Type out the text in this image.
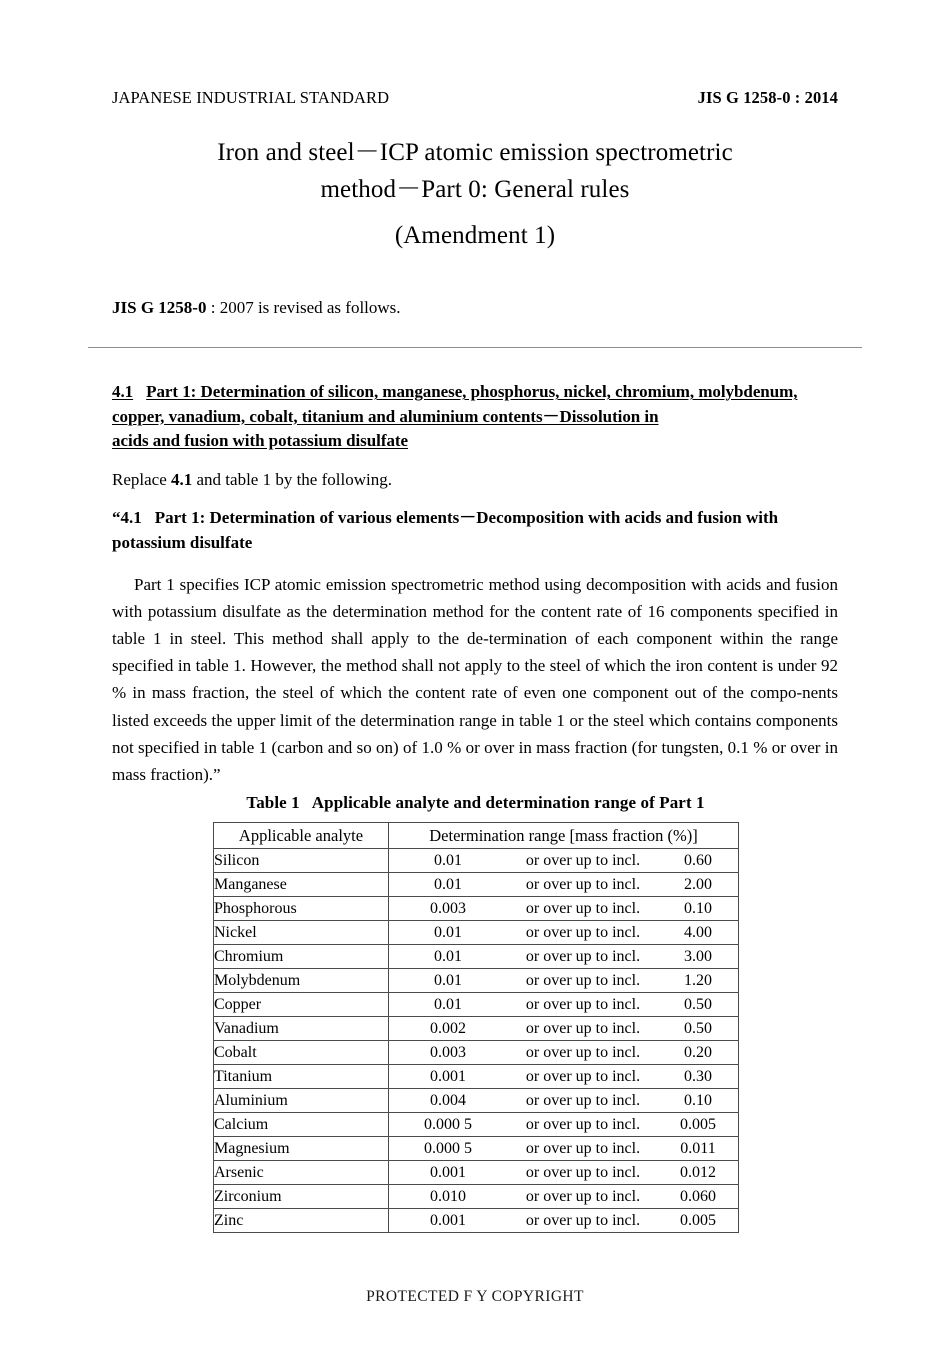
JAPANESE INDUSTRIAL STANDARD	JIS G 1258-0 : 2014
Iron and steel－ICP atomic emission spectrometric
method－Part 0: General rules
(Amendment 1)
JIS G 1258-0 : 2007 is revised as follows.
4.1 Part 1: Determination of silicon, manganese, phosphorus, nickel, chromium, molybdenum, copper, vanadium, cobalt, titanium and aluminium contents－Dissolution in
acids and fusion with potassium disulfate

Replace 4.1 and table 1 by the following.

“4.1 Part 1: Determination of various elements－Decomposition with acids and fusion with potassium disulfate

Part 1 specifies ICP atomic emission spectrometric method using decomposition with acids and fusion with potassium disulfate as the determination method for the content rate of 16 components specified in table 1 in steel. This method shall apply to the de-termination of each component within the range specified in table 1. However, the method shall not apply to the steel of which the iron content is under 92 % in mass fraction, the steel of which the content rate of even one component out of the compo-nents listed exceeds the upper limit of the determination range in table 1 or the steel which contains components not specified in table 1 (carbon and so on) of 1.0 % or over in mass fraction (for tungsten, 0.1 % or over in mass fraction).”

Table 1 Applicable analyte and determination range of Part 1
Applicable analyte	Determination range [mass fraction (%)]
Silicon	0.01 or over up to incl. 0.60

Manganese	0.01 or over up to incl. 2.00

Phosphorous	0.003 or over up to incl. 0.10

Nickel	0.01 or over up to incl. 4.00

Chromium	0.01 or over up to incl. 3.00

Molybdenum	0.01 or over up to incl. 1.20

Copper	0.01 or over up to incl. 0.50

Vanadium	0.002 or over up to incl. 0.50

Cobalt	0.003 or over up to incl. 0.20

Titanium	0.001 or over up to incl. 0.30

Aluminium	0.004 or over up to incl. 0.10

Calcium	0.000 5 or over up to incl. 0.005

Magnesium	0.000 5 or over up to incl. 0.011

Arsenic	0.001 or over up to incl. 0.012

Zirconium	0.010 or over up to incl. 0.060

Zinc	0.001 or over up to incl. 0.005
PROTECTED F Y COPYRIGHT
